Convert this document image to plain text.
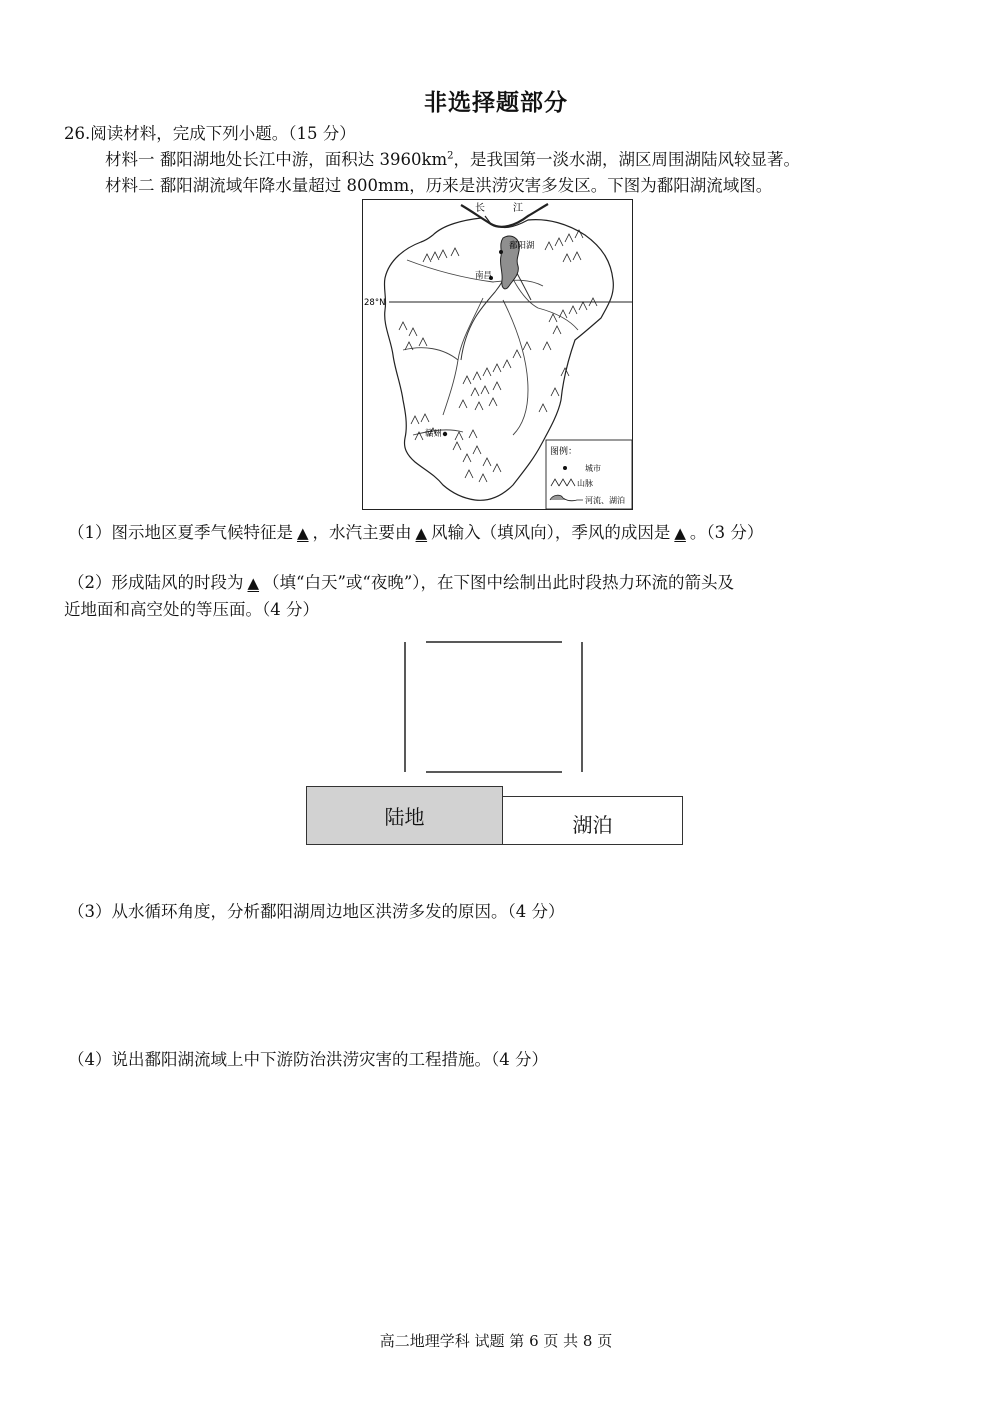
非选择题部分
26.阅读材料，完成下列小题。（15 分）
材料一 鄱阳湖地处长江中游，面积达 $3960km^2$，是我国第一淡水湖，湖区周围湖陆风较显著。
材料二 鄱阳湖流域年降水量超过 800mm，历来是洪涝灾害多发区。下图为鄱阳湖流域图。
长	江
鄱阳湖
南昌
赣州
28°N
图例：
城市
山脉
河流、湖泊
（1）图示地区夏季气候特征是 ▲ ，水汽主要由 ▲ 风输入（填风向），季风的成因是 ▲ 。（3 分）
（2）形成陆风的时段为 ▲ （填“白天”或“夜晚”），在下图中绘制出此时段热力环流的箭头及
近地面和高空处的等压面。（4 分）
陆地	湖泊
（3）从水循环角度，分析鄱阳湖周边地区洪涝多发的原因。（4 分）
（4）说出鄱阳湖流域上中下游防治洪涝灾害的工程措施。（4 分）
高二地理学科 试题 第 6 页 共 8 页
